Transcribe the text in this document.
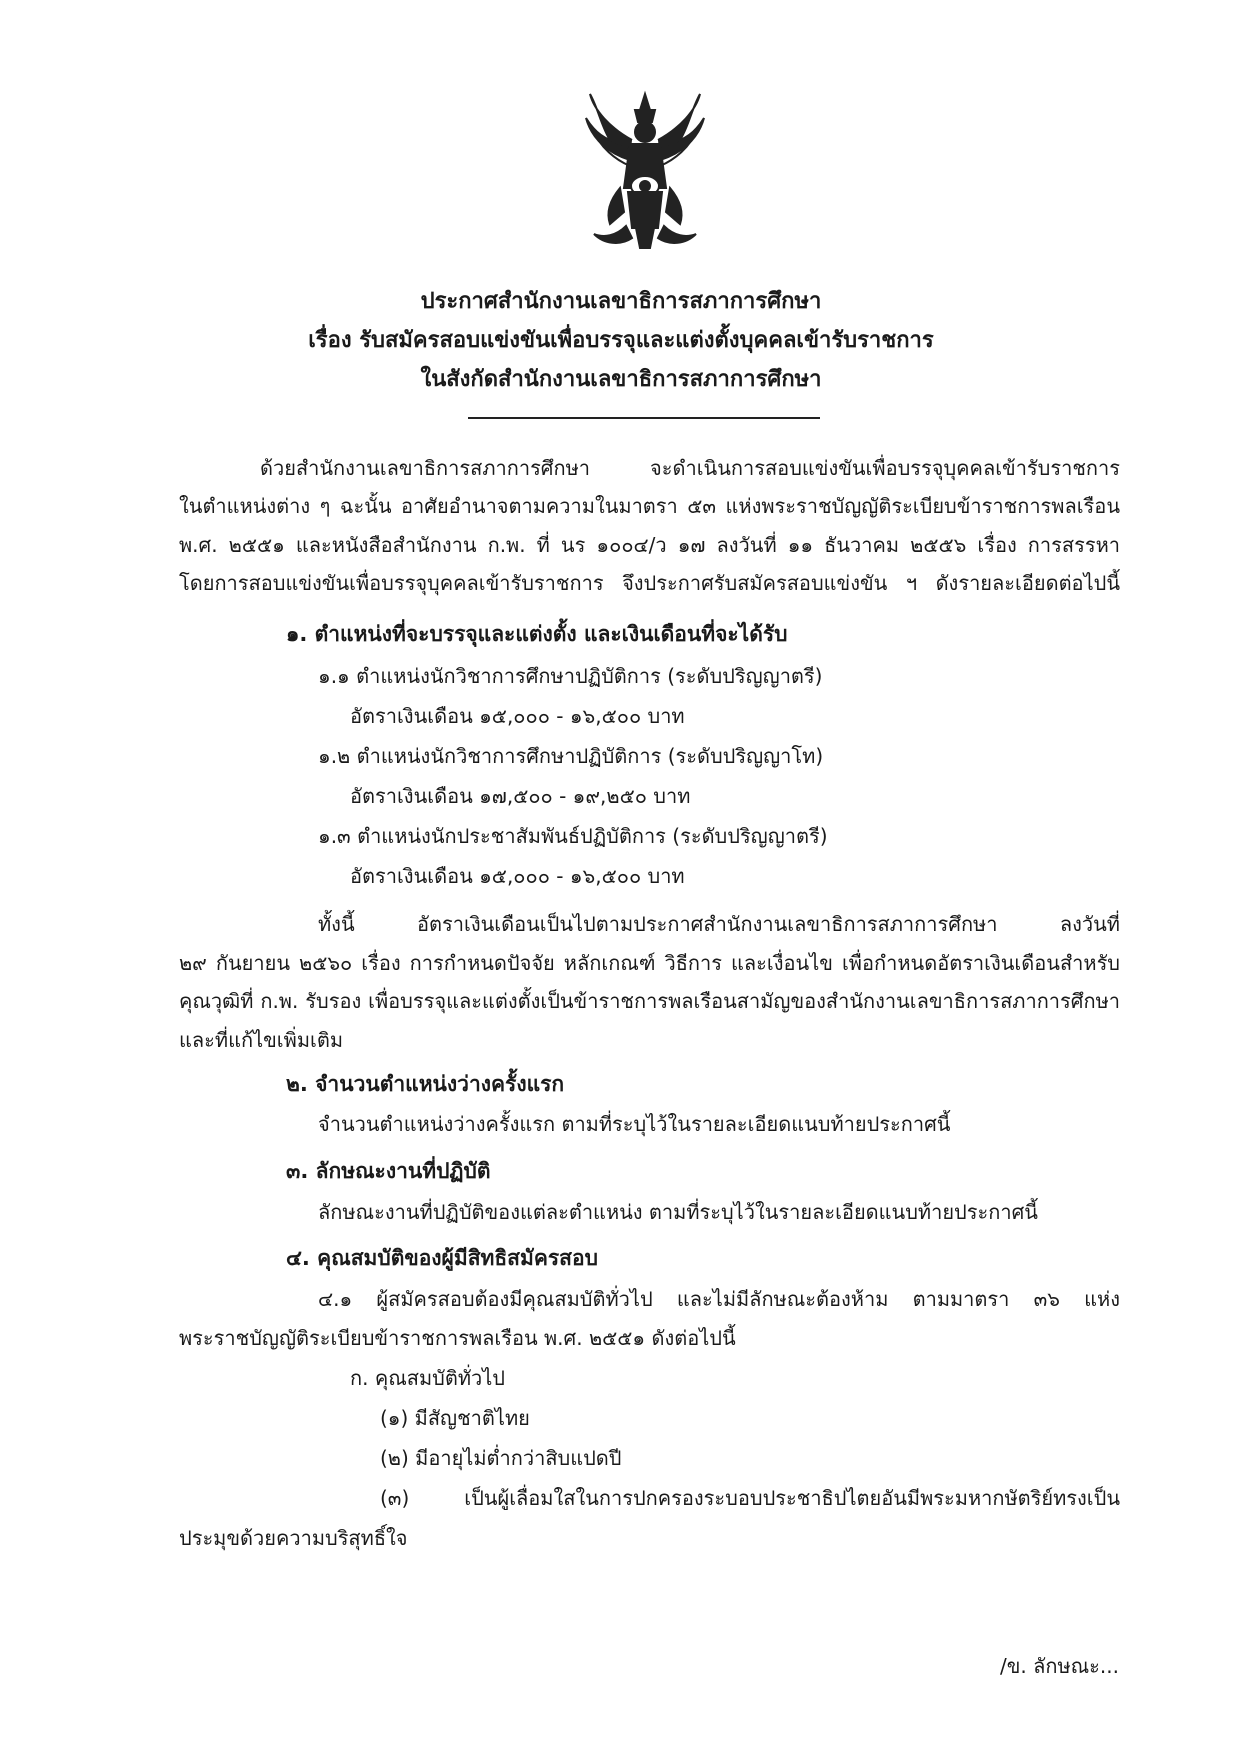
ประกาศสำนักงานเลขาธิการสภาการศึกษา
เรื่อง รับสมัครสอบแข่งขันเพื่อบรรจุและแต่งตั้งบุคคลเข้ารับราชการ
ในสังกัดสำนักงานเลขาธิการสภาการศึกษา
ด้วยสำนักงานเลขาธิการสภาการศึกษา จะดำเนินการสอบแข่งขันเพื่อบรรจุบุคคลเข้ารับราชการ
ในตำแหน่งต่าง ๆ ฉะนั้น อาศัยอำนาจตามความในมาตรา ๕๓ แห่งพระราชบัญญัติระเบียบข้าราชการพลเรือน
พ.ศ. ๒๕๕๑ และหนังสือสำนักงาน ก.พ. ที่ นร ๑๐๐๔/ว ๑๗ ลงวันที่ ๑๑ ธันวาคม ๒๕๕๖ เรื่อง การสรรหา
โดยการสอบแข่งขันเพื่อบรรจุบุคคลเข้ารับราชการ จึงประกาศรับสมัครสอบแข่งขัน ฯ ดังรายละเอียดต่อไปนี้
๑. ตำแหน่งที่จะบรรจุและแต่งตั้ง และเงินเดือนที่จะได้รับ
๑.๑ ตำแหน่งนักวิชาการศึกษาปฏิบัติการ (ระดับปริญญาตรี)
อัตราเงินเดือน ๑๕,๐๐๐ - ๑๖,๕๐๐ บาท
๑.๒ ตำแหน่งนักวิชาการศึกษาปฏิบัติการ (ระดับปริญญาโท)
อัตราเงินเดือน ๑๗,๕๐๐ - ๑๙,๒๕๐ บาท
๑.๓ ตำแหน่งนักประชาสัมพันธ์ปฏิบัติการ (ระดับปริญญาตรี)
อัตราเงินเดือน ๑๕,๐๐๐ - ๑๖,๕๐๐ บาท
ทั้งนี้ อัตราเงินเดือนเป็นไปตามประกาศสำนักงานเลขาธิการสภาการศึกษา ลงวันที่
๒๙ กันยายน ๒๕๖๐ เรื่อง การกำหนดปัจจัย หลักเกณฑ์ วิธีการ และเงื่อนไข เพื่อกำหนดอัตราเงินเดือนสำหรับ
คุณวุฒิที่ ก.พ. รับรอง เพื่อบรรจุและแต่งตั้งเป็นข้าราชการพลเรือนสามัญของสำนักงานเลขาธิการสภาการศึกษา
และที่แก้ไขเพิ่มเติม
๒. จำนวนตำแหน่งว่างครั้งแรก
จำนวนตำแหน่งว่างครั้งแรก ตามที่ระบุไว้ในรายละเอียดแนบท้ายประกาศนี้
๓. ลักษณะงานที่ปฏิบัติ
ลักษณะงานที่ปฏิบัติของแต่ละตำแหน่ง ตามที่ระบุไว้ในรายละเอียดแนบท้ายประกาศนี้
๔. คุณสมบัติของผู้มีสิทธิสมัครสอบ
๔.๑ ผู้สมัครสอบต้องมีคุณสมบัติทั่วไป และไม่มีลักษณะต้องห้าม ตามมาตรา ๓๖ แห่ง
พระราชบัญญัติระเบียบข้าราชการพลเรือน พ.ศ. ๒๕๕๑ ดังต่อไปนี้
ก. คุณสมบัติทั่วไป
(๑) มีสัญชาติไทย
(๒) มีอายุไม่ต่ำกว่าสิบแปดปี
(๓) เป็นผู้เลื่อมใสในการปกครองระบอบประชาธิปไตยอันมีพระมหากษัตริย์ทรงเป็น
ประมุขด้วยความบริสุทธิ์ใจ
/ข. ลักษณะ...
